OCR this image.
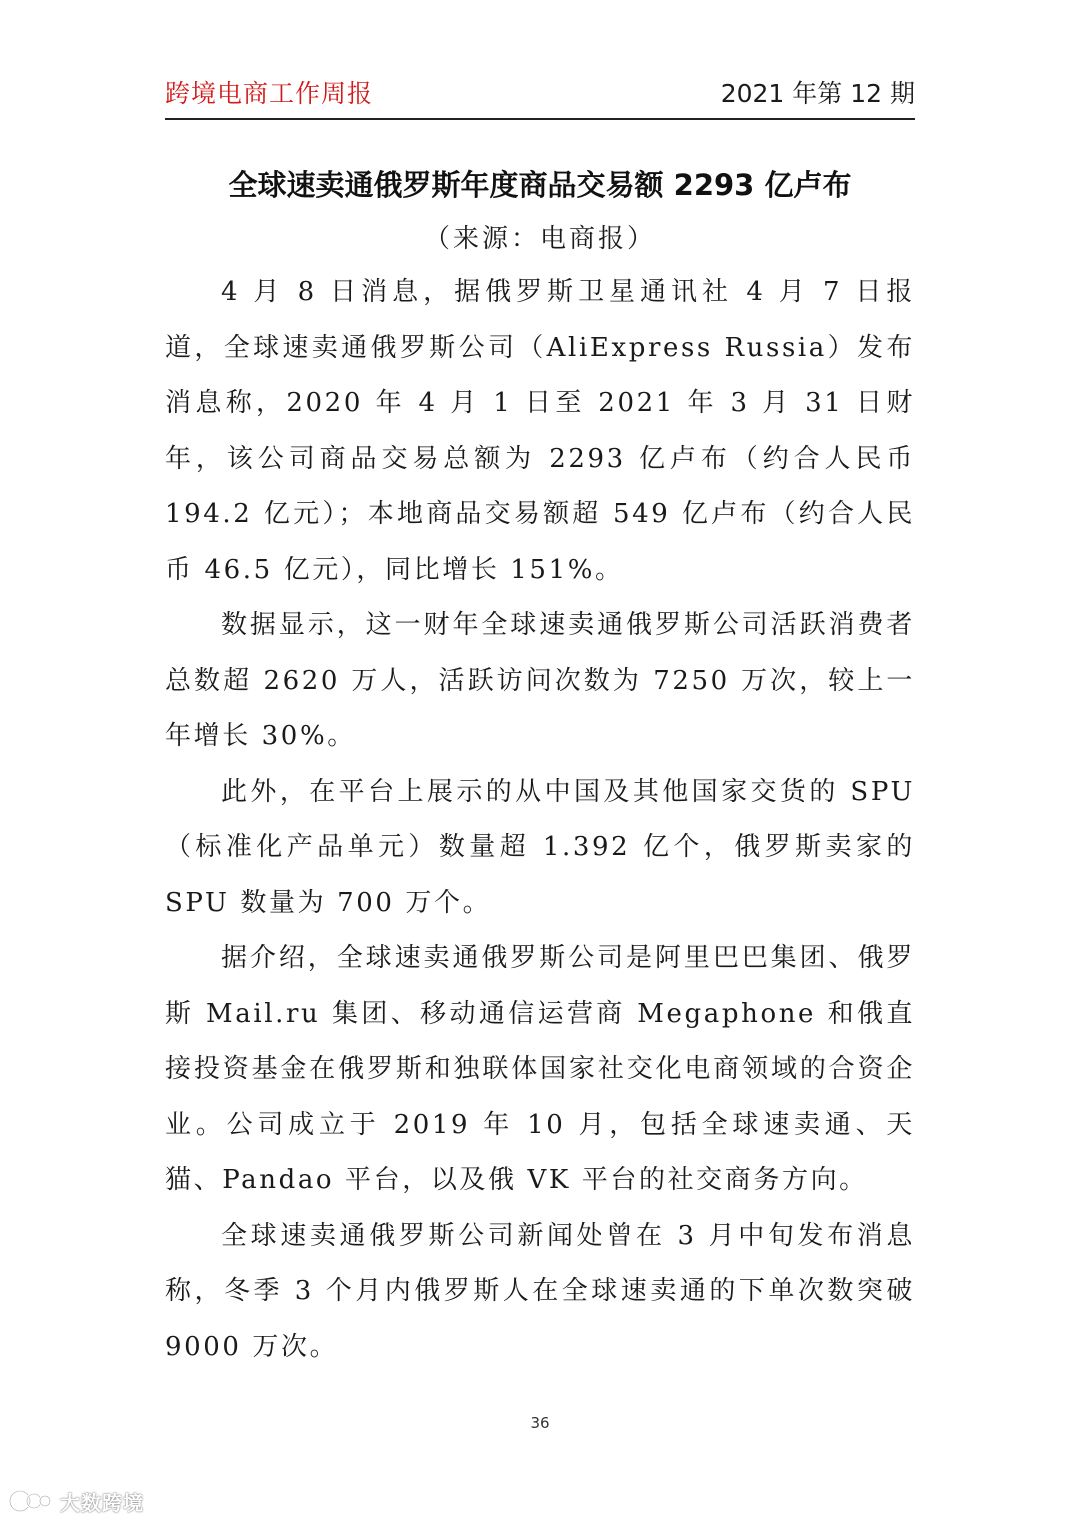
跨境电商工作周报	2021 年第 12 期
全球速卖通俄罗斯年度商品交易额 2293 亿卢布
（来源：电商报）

4 月 8 日消息，据俄罗斯卫星通讯社 4 月 7 日报道，全球速卖通俄罗斯公司（AliExpress Russia）发布消息称，2020 年 4 月 1 日至 2021 年 3 月 31 日财年，该公司商品交易总额为 2293 亿卢布（约合人民币 194.2 亿元）；本地商品交易额超 549 亿卢布（约合人民币 46.5 亿元），同比增长 151%。

数据显示，这一财年全球速卖通俄罗斯公司活跃消费者总数超 2620 万人，活跃访问次数为 7250 万次，较上一年增长 30%。

此外，在平台上展示的从中国及其他国家交货的 SPU（标准化产品单元）数量超 1.392 亿个，俄罗斯卖家的 SPU 数量为 700 万个。

据介绍，全球速卖通俄罗斯公司是阿里巴巴集团、俄罗斯 Mail.ru 集团、移动通信运营商 Megaphone 和俄直接投资基金在俄罗斯和独联体国家社交化电商领域的合资企业。公司成立于 2019 年 10 月，包括全球速卖通、天猫、Pandao 平台，以及俄 VK 平台的社交商务方向。

全球速卖通俄罗斯公司新闻处曾在 3 月中旬发布消息称，冬季 3 个月内俄罗斯人在全球速卖通的下单次数突破 9000 万次。

36
大数跨境
